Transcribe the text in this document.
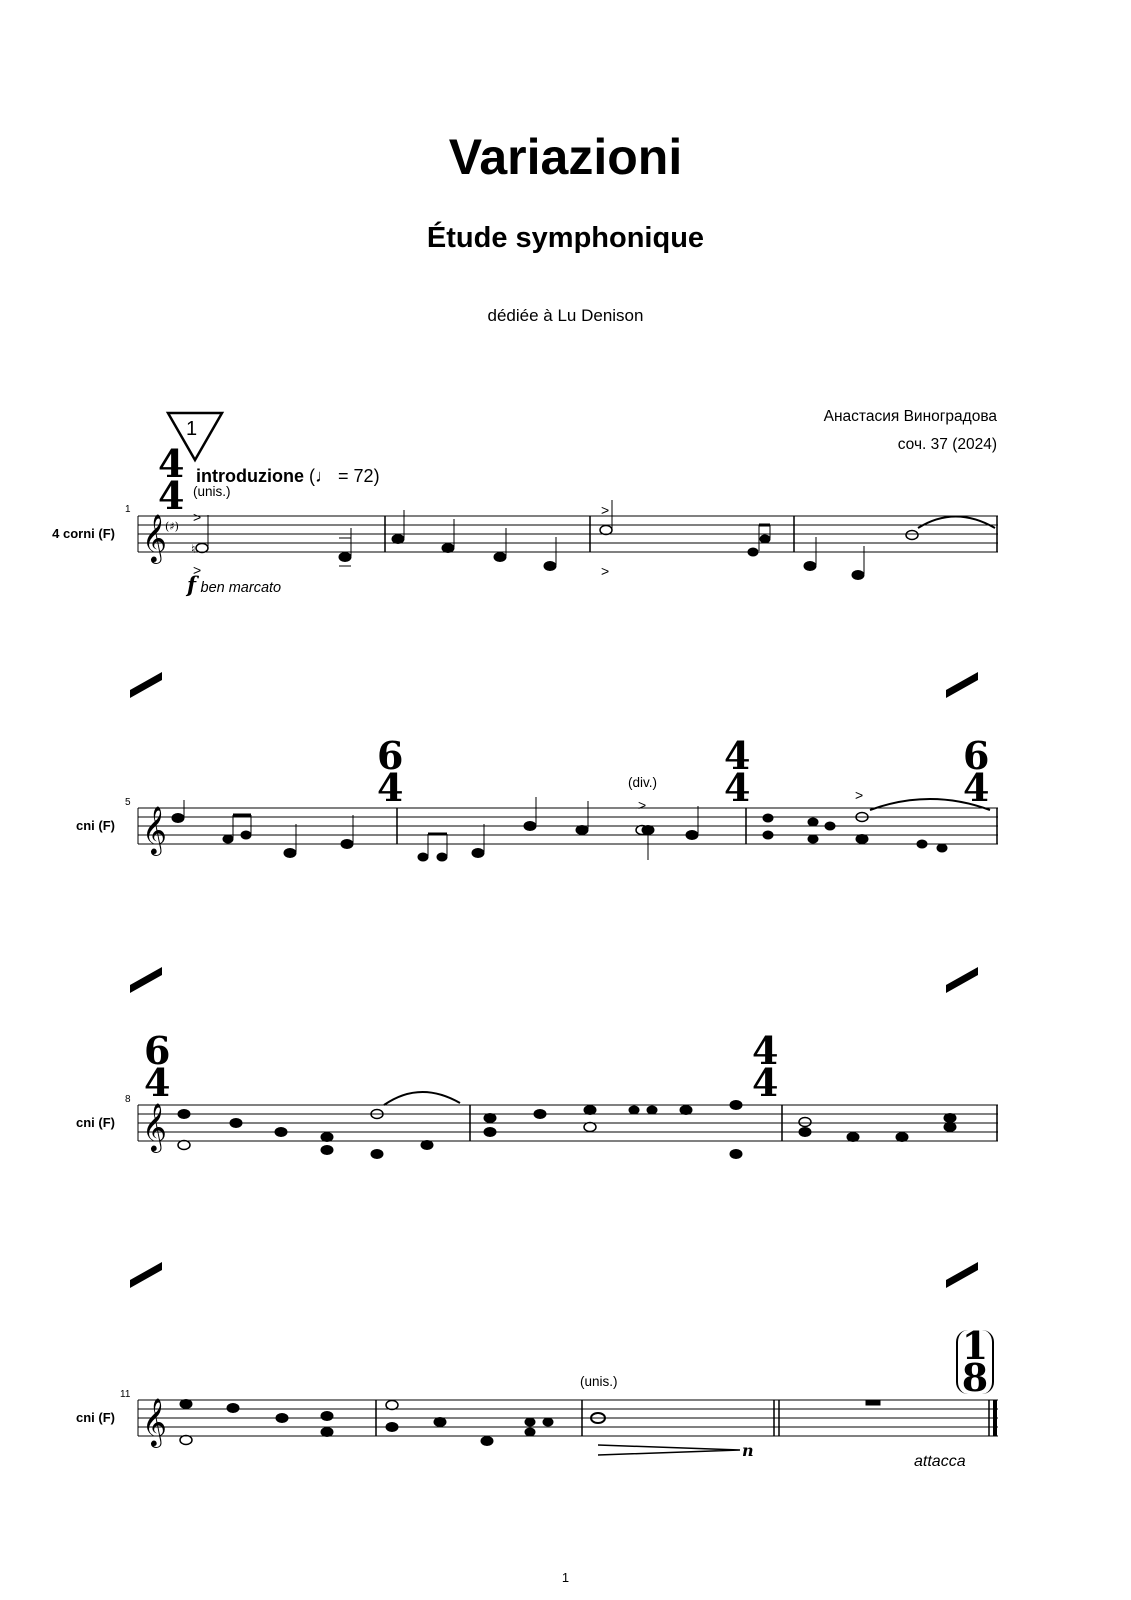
Variazioni
Étude symphonique
dédiée à Lu Denison
Анастасия Виноградова
соч. 37 (2024)
𝄞
(♯)
♮
>
>
>
>
𝄞	>
>
𝄞
𝄞
1
4
4 introduzione (♩ = 72)
(unis.)
4 corni (F)
1
f ben marcato
cni (F)
5
6
4
4
4
6
4
(div.)
cni (F)
8
6
4
4
4
cni (F)
11
(unis.)
1
8
n
attacca
1
